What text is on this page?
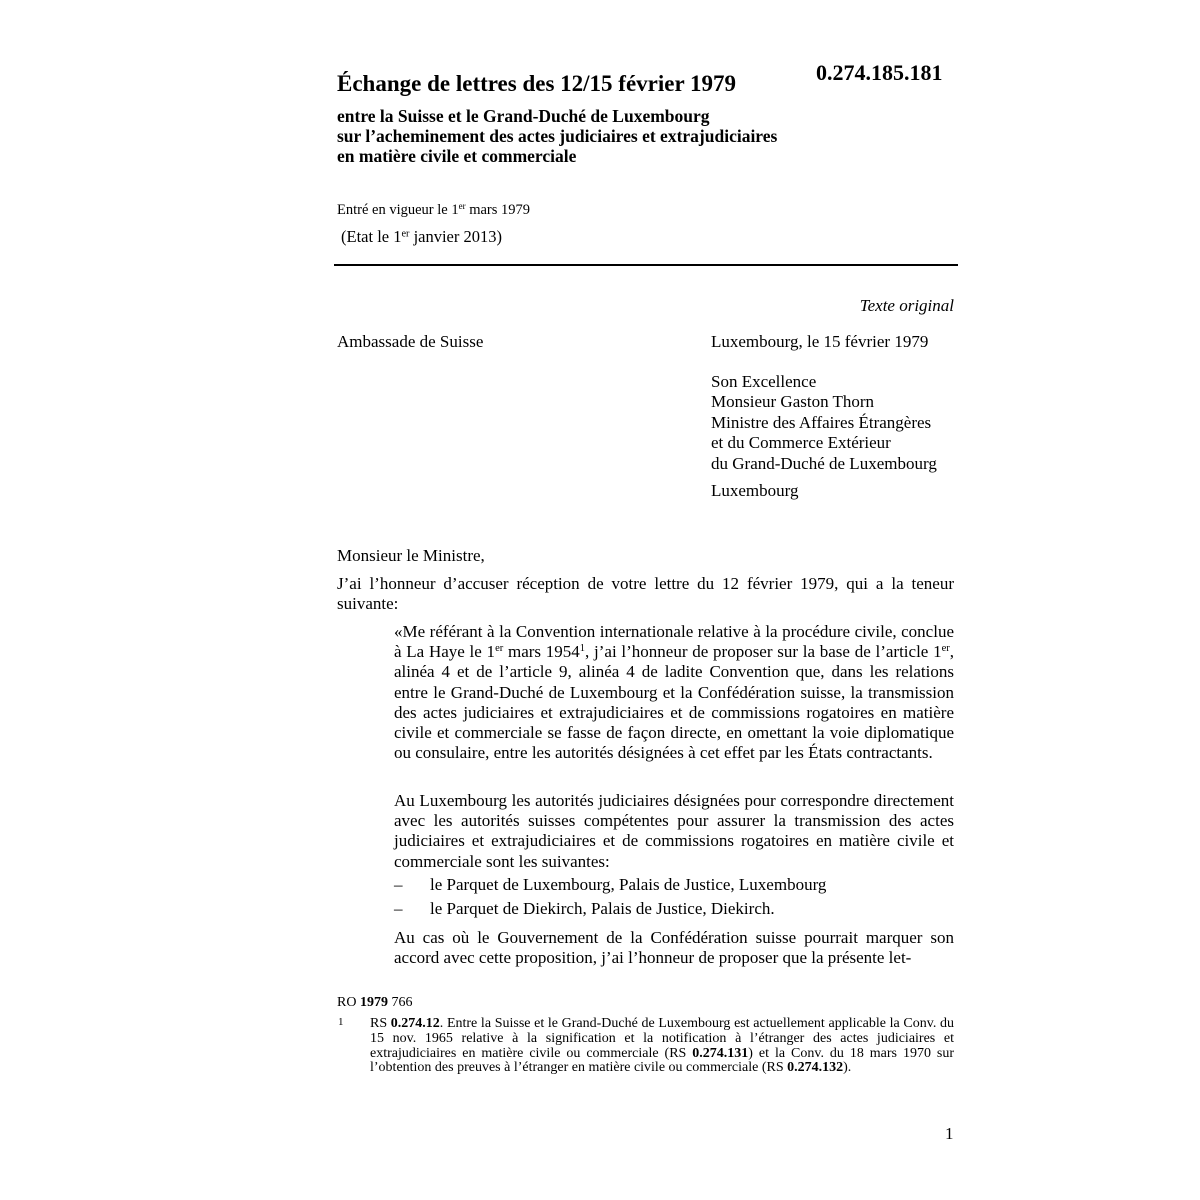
0.274.185.181
Échange de lettres des 12/15 février 1979
entre la Suisse et le Grand-Duché de Luxembourg
sur l’acheminement des actes judiciaires et extrajudiciaires
en matière civile et commerciale
Entré en vigueur le 1er mars 1979
(Etat le 1er janvier 2013)
Texte original
Ambassade de Suisse	Luxembourg, le 15 février 1979
Son Excellence
Monsieur Gaston Thorn
Ministre des Affaires Étrangères
et du Commerce Extérieur
du Grand-Duché de Luxembourg
Luxembourg
Monsieur le Ministre,
J’ai l’honneur d’accuser réception de votre lettre du 12 février 1979, qui a la teneur suivante:
«Me référant à la Convention internationale relative à la procédure civile, conclue à La Haye le 1er mars 1954$^1$, j’ai l’honneur de proposer sur la base de l’article 1er, alinéa 4 et de l’article 9, alinéa 4 de ladite Convention que, dans les relations entre le Grand-Duché de Luxembourg et la Confédération suisse, la transmission des actes judiciaires et extrajudiciaires et de commissions rogatoires en matière civile et commerciale se fasse de façon directe, en omettant la voie diplomatique ou consulaire, entre les autorités désignées à cet effet par les États contractants.
Au Luxembourg les autorités judiciaires désignées pour correspondre directement avec les autorités suisses compétentes pour assurer la transmission des actes judiciaires et extrajudiciaires et de commissions rogatoires en matière civile et commerciale sont les suivantes:
– le Parquet de Luxembourg, Palais de Justice, Luxembourg
– le Parquet de Diekirch, Palais de Justice, Diekirch.
Au cas où le Gouvernement de la Confédération suisse pourrait marquer son accord avec cette proposition, j’ai l’honneur de proposer que la présente let-
RO 1979 766
1 RS 0.274.12. Entre la Suisse et le Grand-Duché de Luxembourg est actuellement applicable la Conv. du 15 nov. 1965 relative à la signification et la notification à l’étranger des actes judiciaires et extrajudiciaires en matière civile ou commerciale (RS 0.274.131) et la Conv. du 18 mars 1970 sur l’obtention des preuves à l’étranger en matière civile ou commerciale (RS 0.274.132).
1
